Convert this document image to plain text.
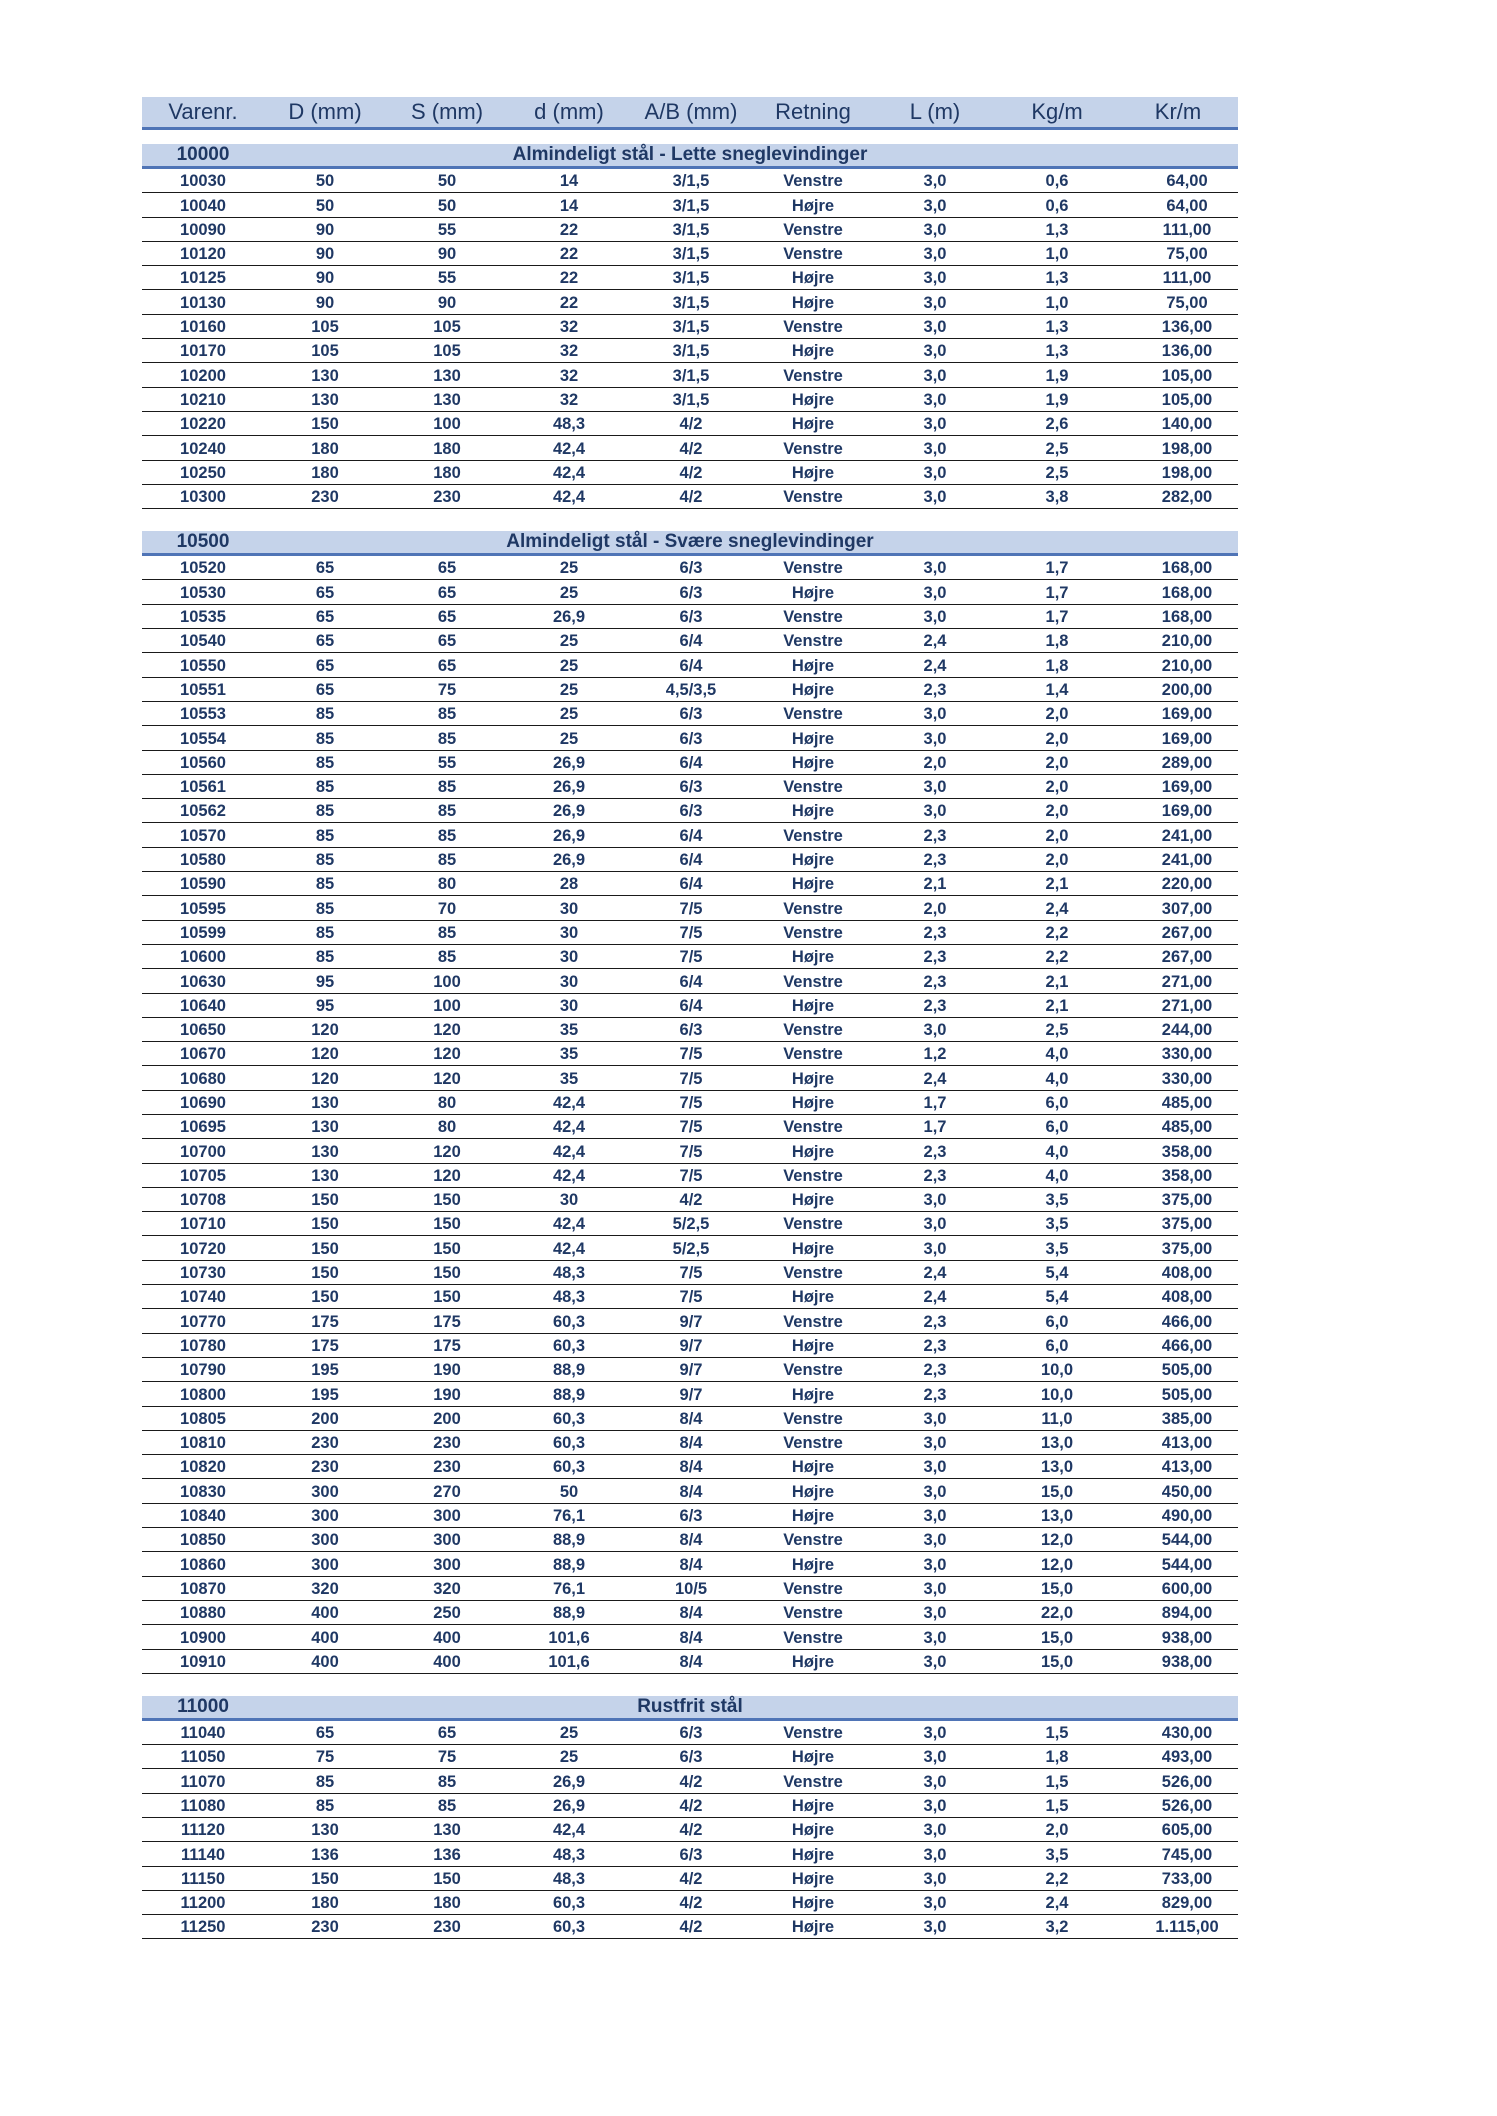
Varenr.	D (mm)	S (mm)	d (mm)	A/B (mm)	Retning	L (m)	Kg/m	Kr/m

10000	Almindeligt stål - Lette sneglevindinger							
10030	50	50	14	3/1,5	Venstre	3,0	0,6	64,00
10040	50	50	14	3/1,5	Højre	3,0	0,6	64,00
10090	90	55	22	3/1,5	Venstre	3,0	1,3	111,00
10120	90	90	22	3/1,5	Venstre	3,0	1,0	75,00
10125	90	55	22	3/1,5	Højre	3,0	1,3	111,00
10130	90	90	22	3/1,5	Højre	3,0	1,0	75,00
10160	105	105	32	3/1,5	Venstre	3,0	1,3	136,00
10170	105	105	32	3/1,5	Højre	3,0	1,3	136,00
10200	130	130	32	3/1,5	Venstre	3,0	1,9	105,00
10210	130	130	32	3/1,5	Højre	3,0	1,9	105,00
10220	150	100	48,3	4/2	Højre	3,0	2,6	140,00
10240	180	180	42,4	4/2	Venstre	3,0	2,5	198,00
10250	180	180	42,4	4/2	Højre	3,0	2,5	198,00
10300	230	230	42,4	4/2	Venstre	3,0	3,8	282,00

10500	Almindeligt stål - Svære sneglevindinger							
10520	65	65	25	6/3	Venstre	3,0	1,7	168,00
10530	65	65	25	6/3	Højre	3,0	1,7	168,00
10535	65	65	26,9	6/3	Venstre	3,0	1,7	168,00
10540	65	65	25	6/4	Venstre	2,4	1,8	210,00
10550	65	65	25	6/4	Højre	2,4	1,8	210,00
10551	65	75	25	4,5/3,5	Højre	2,3	1,4	200,00
10553	85	85	25	6/3	Venstre	3,0	2,0	169,00
10554	85	85	25	6/3	Højre	3,0	2,0	169,00
10560	85	55	26,9	6/4	Højre	2,0	2,0	289,00
10561	85	85	26,9	6/3	Venstre	3,0	2,0	169,00
10562	85	85	26,9	6/3	Højre	3,0	2,0	169,00
10570	85	85	26,9	6/4	Venstre	2,3	2,0	241,00
10580	85	85	26,9	6/4	Højre	2,3	2,0	241,00
10590	85	80	28	6/4	Højre	2,1	2,1	220,00
10595	85	70	30	7/5	Venstre	2,0	2,4	307,00
10599	85	85	30	7/5	Venstre	2,3	2,2	267,00
10600	85	85	30	7/5	Højre	2,3	2,2	267,00
10630	95	100	30	6/4	Venstre	2,3	2,1	271,00
10640	95	100	30	6/4	Højre	2,3	2,1	271,00
10650	120	120	35	6/3	Venstre	3,0	2,5	244,00
10670	120	120	35	7/5	Venstre	1,2	4,0	330,00
10680	120	120	35	7/5	Højre	2,4	4,0	330,00
10690	130	80	42,4	7/5	Højre	1,7	6,0	485,00
10695	130	80	42,4	7/5	Venstre	1,7	6,0	485,00
10700	130	120	42,4	7/5	Højre	2,3	4,0	358,00
10705	130	120	42,4	7/5	Venstre	2,3	4,0	358,00
10708	150	150	30	4/2	Højre	3,0	3,5	375,00
10710	150	150	42,4	5/2,5	Venstre	3,0	3,5	375,00
10720	150	150	42,4	5/2,5	Højre	3,0	3,5	375,00
10730	150	150	48,3	7/5	Venstre	2,4	5,4	408,00
10740	150	150	48,3	7/5	Højre	2,4	5,4	408,00
10770	175	175	60,3	9/7	Venstre	2,3	6,0	466,00
10780	175	175	60,3	9/7	Højre	2,3	6,0	466,00
10790	195	190	88,9	9/7	Venstre	2,3	10,0	505,00
10800	195	190	88,9	9/7	Højre	2,3	10,0	505,00
10805	200	200	60,3	8/4	Venstre	3,0	11,0	385,00
10810	230	230	60,3	8/4	Venstre	3,0	13,0	413,00
10820	230	230	60,3	8/4	Højre	3,0	13,0	413,00
10830	300	270	50	8/4	Højre	3,0	15,0	450,00
10840	300	300	76,1	6/3	Højre	3,0	13,0	490,00
10850	300	300	88,9	8/4	Venstre	3,0	12,0	544,00
10860	300	300	88,9	8/4	Højre	3,0	12,0	544,00
10870	320	320	76,1	10/5	Venstre	3,0	15,0	600,00
10880	400	250	88,9	8/4	Venstre	3,0	22,0	894,00
10900	400	400	101,6	8/4	Venstre	3,0	15,0	938,00
10910	400	400	101,6	8/4	Højre	3,0	15,0	938,00

11000	Rustfrit stål							
11040	65	65	25	6/3	Venstre	3,0	1,5	430,00
11050	75	75	25	6/3	Højre	3,0	1,8	493,00
11070	85	85	26,9	4/2	Venstre	3,0	1,5	526,00
11080	85	85	26,9	4/2	Højre	3,0	1,5	526,00
11120	130	130	42,4	4/2	Højre	3,0	2,0	605,00
11140	136	136	48,3	6/3	Højre	3,0	3,5	745,00
11150	150	150	48,3	4/2	Højre	3,0	2,2	733,00
11200	180	180	60,3	4/2	Højre	3,0	2,4	829,00
11250	230	230	60,3	4/2	Højre	3,0	3,2	1.115,00
